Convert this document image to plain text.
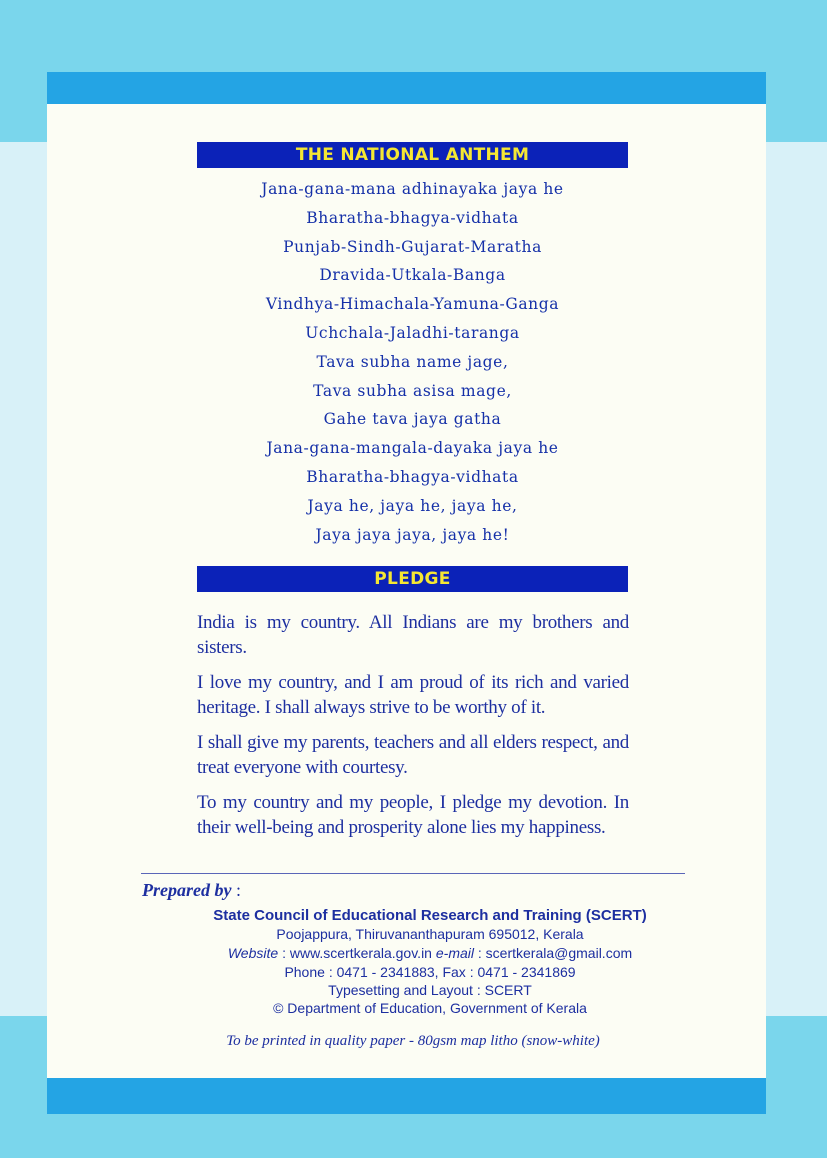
THE NATIONAL ANTHEM
Jana-gana-mana adhinayaka jaya he
Bharatha-bhagya-vidhata
Punjab-Sindh-Gujarat-Maratha
Dravida-Utkala-Banga
Vindhya-Himachala-Yamuna-Ganga
Uchchala-Jaladhi-taranga
Tava subha name jage,
Tava subha asisa mage,
Gahe tava jaya gatha
Jana-gana-mangala-dayaka jaya he
Bharatha-bhagya-vidhata
Jaya he, jaya he, jaya he,
Jaya jaya jaya, jaya he!
PLEDGE

India is my country. All Indians are my brothers and sisters.

I love my country, and I am proud of its rich and varied heritage. I shall always strive to be worthy of it.

I shall give my parents, teachers and all elders respect, and treat everyone with courtesy.

To my country and my people, I pledge my devotion. In their well-being and prosperity alone lies my happiness.

Prepared by :
State Council of Educational Research and Training (SCERT)
Poojappura, Thiruvananthapuram 695012, Kerala
Website : www.scertkerala.gov.in e-mail : scertkerala@gmail.com
Phone : 0471 - 2341883, Fax : 0471 - 2341869
Typesetting and Layout : SCERT
© Department of Education, Government of Kerala
To be printed in quality paper - 80gsm map litho (snow-white)
